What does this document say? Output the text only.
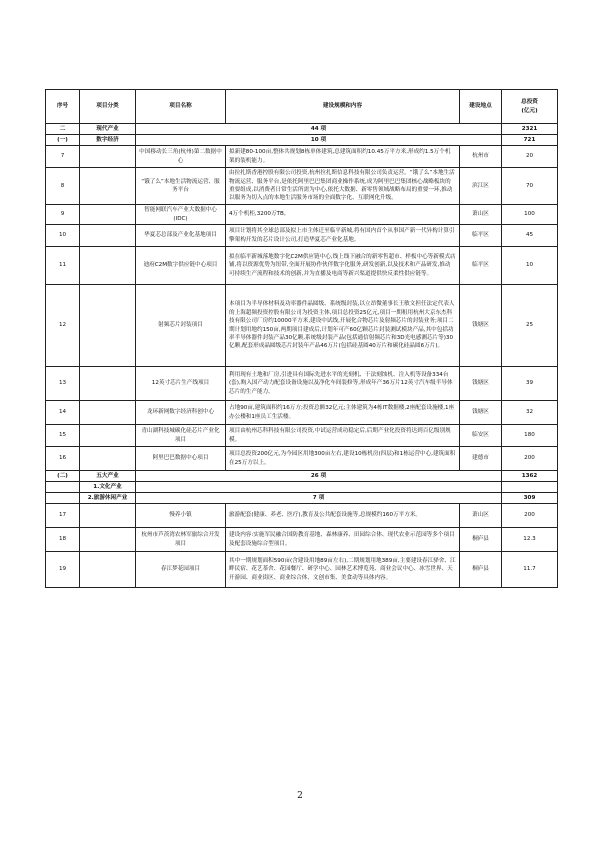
序号	项目分类	项目名称	建设规模和内容	建设地点	总投资
(亿元)

二	现代产业	44 项			2321
(一)	数字经济	10 项			721
7		中国移动长三角(杭州)第二数据中心	拟新建80-100亩,整体共规划8栋单体建筑,总建筑面积约10.45万平方米,形成约1.5万个机架的装机能力。	杭州市	20
8		“饿了么”本地生活物流运营、服务平台	由拉扎斯香港控股有限公司投资,杭州拉扎斯信息科技有限公司负责运营。“饿了么”本地生活物流运营、服务平台,是依托阿里巴巴集团商业操作系统,成为阿里巴巴集团核心战略板块的重要组成,以消费者日常生活所需为中心,依托大数据、新零售领域战略布局的重要一环,推动以服务为切入点的本地生活服务市场的全面数字化、互联网化升级。	滨江区	70
9		智能网联汽车产业大数据中心(IDC)	4万个机柜,3200万TB。	萧山区	100
10		华夏芯总部及产业化基地项目	项目计划将其全球总部及拟上市主体迁至临平新城,将有国内首个从事国产新一代异构计算引擎架构开发的芯片设计公司,打造华夏芯产业化基地。	临平区	45
11		迪府C2M数字供应链中心项目	拟在临平新城落地数字化C2M供应链中心,线上线下融合的新零售超市、样板中心等新模式店铺,将以资源优势为纽带,全面开展协作伙伴数字化服务,研发创新,以及技术和产品研发,推动可持续生产流程和技术的创新,并为直播及电商等新兴渠道提供快反柔性供应链等。	临平区	10
12		射频芯片封装项目	本项目为半导体材料及功率器件晶圆级、系统级封装,以立昂微董事长王敏文担任法定代表人的上海超频投资控股有限公司为投资主体,项目总投资25亿元,项目一期租用杭州大京东杰科技有限公司厂房约10000平方米,建设中试线,开展化合物芯片及射频芯片的封装业务;项目二期计划用地约150亩,两期项目建成后,计划年可产60亿颗芯片封装测试模块产品,其中包括功率半导体器件封装产品30亿颗,系统级封装产品(包括通信射频芯片和3D光电感测芯片等)30亿颗,配套形成晶圆级芯片封装年产品46万片(包括硅基圆40万片和碳化硅晶圆6万片)。	钱塘区	25
13		12英寸芯片生产线项目	利用现有土地和厂房,引进具有国际先进水平的光刻机、干法刻蚀机、注入机等设备334台(套),购入国产动力配套设备设施以及净化车间装修等,形成年产36万片12英寸汽车级半导体芯片的生产能力。	钱塘区	39
14		龙环新网数字经济科创中心	占地90亩,建筑面积约16万方;投资总额32亿元;主体建筑为4栋IT数据楼,2座配套设施楼,1座办公楼和1座员工生活楼。	钱塘区	32
15		青山湖科技城碳化硅芯片产业化项目	项目由杭州芯科科技有限公司投资,中试运营成功稳定后,后期产业化投资将达到百亿级别规模。	临安区	180
16		阿里巴巴数据中心项目	项目总投资200亿元,为今园区用地300亩左右,建设10栋机房(四层)和1栋运营中心,建筑面积在25万方以上。	建德市	200
(二)	五大产业	26 项			1362
	1.文化产业				
	2.旅游休闲产业	7 项			309
17		慢养小镇	旅游配套(健康、养老、医疗),教育及公共配套设施等,总规模约160万平方米。	萧山区	200
18		杭州市芦茨湾农林军旅综合开发项目	建设内容:实施军民融合国防教育基地、森林康养、田园综合体、现代农业示范园等多个项目及配套设施综合型项目。	桐庐县	12.3
19		春江梦花园项目	其中一期规划面积590亩(含建设用地89亩左右),二期规划用地389亩,主要建设春江驿舍、江畔民宿、花艺茶舍、花园餐厅、研学中心、园林艺术博览苑、商业会议中心、冰雪世界、天开游园、商业街区、商业综合体、文创市集、美食动等具体内容。	桐庐县	11.7
2
